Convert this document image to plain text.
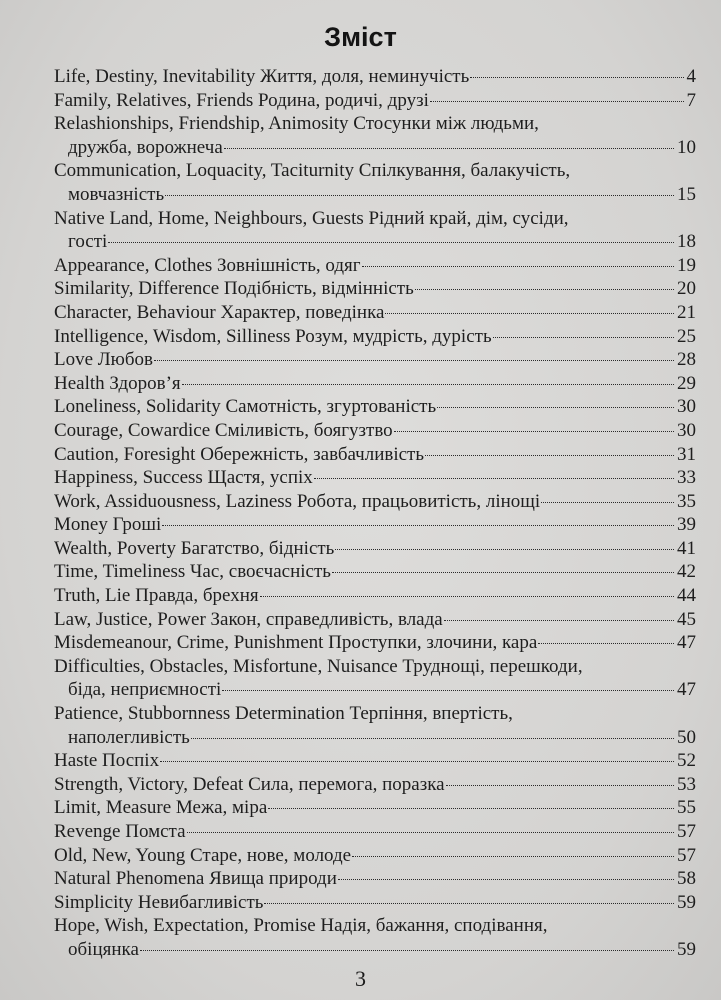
Зміст
Life, Destiny, Inevitability Життя, доля, неминучість	4
Family, Relatives, Friends Родина, родичі, друзі	7
Relashionships, Friendship, Animosity Стосунки між людьми,
дружба, ворожнеча	10
Communication, Loquacity, Taciturnity Спілкування, балакучість,
мовчазність	15
Native Land, Home, Neighbours, Guests Рідний край, дім, сусіди,
гості	18
Appearance, Clothes Зовнішність, одяг	19
Similarity, Difference Подібність, відмінність	20
Character, Behaviour Характер, поведінка	21
Intelligence, Wisdom, Silliness Розум, мудрість, дурість	25
Love Любов	28
Health Здоров’я	29
Loneliness, Solidarity Самотність, згуртованість	30
Courage, Cowardice Сміливість, боягузтво	30
Caution, Foresight Обережність, завбачливість	31
Happiness, Success Щастя, успіх	33
Work, Assiduousness, Laziness Робота, працьовитість, лінощі	35
Money Гроші	39
Wealth, Poverty Багатство, бідність	41
Time, Timeliness Час, своєчасність	42
Truth, Lie Правда, брехня	44
Law, Justice, Power Закон, справедливість, влада	45
Misdemeanour, Crime, Punishment Проступки, злочини, кара	47
Difficulties, Obstacles, Misfortune, Nuisance Труднощі, перешкоди,
біда, неприємності	47
Patience, Stubbornness Determination Терпіння, впертість,
наполегливість	50
Haste Поспіх	52
Strength, Victory, Defeat Сила, перемога, поразка	53
Limit, Measure Межа, міра	55
Revenge Помста	57
Old, New, Young Старе, нове, молоде	57
Natural Phenomena Явища природи	58
Simplicity Невибагливість	59
Hope, Wish, Expectation, Promise Надія, бажання, сподівання,
обіцянка	59
3
